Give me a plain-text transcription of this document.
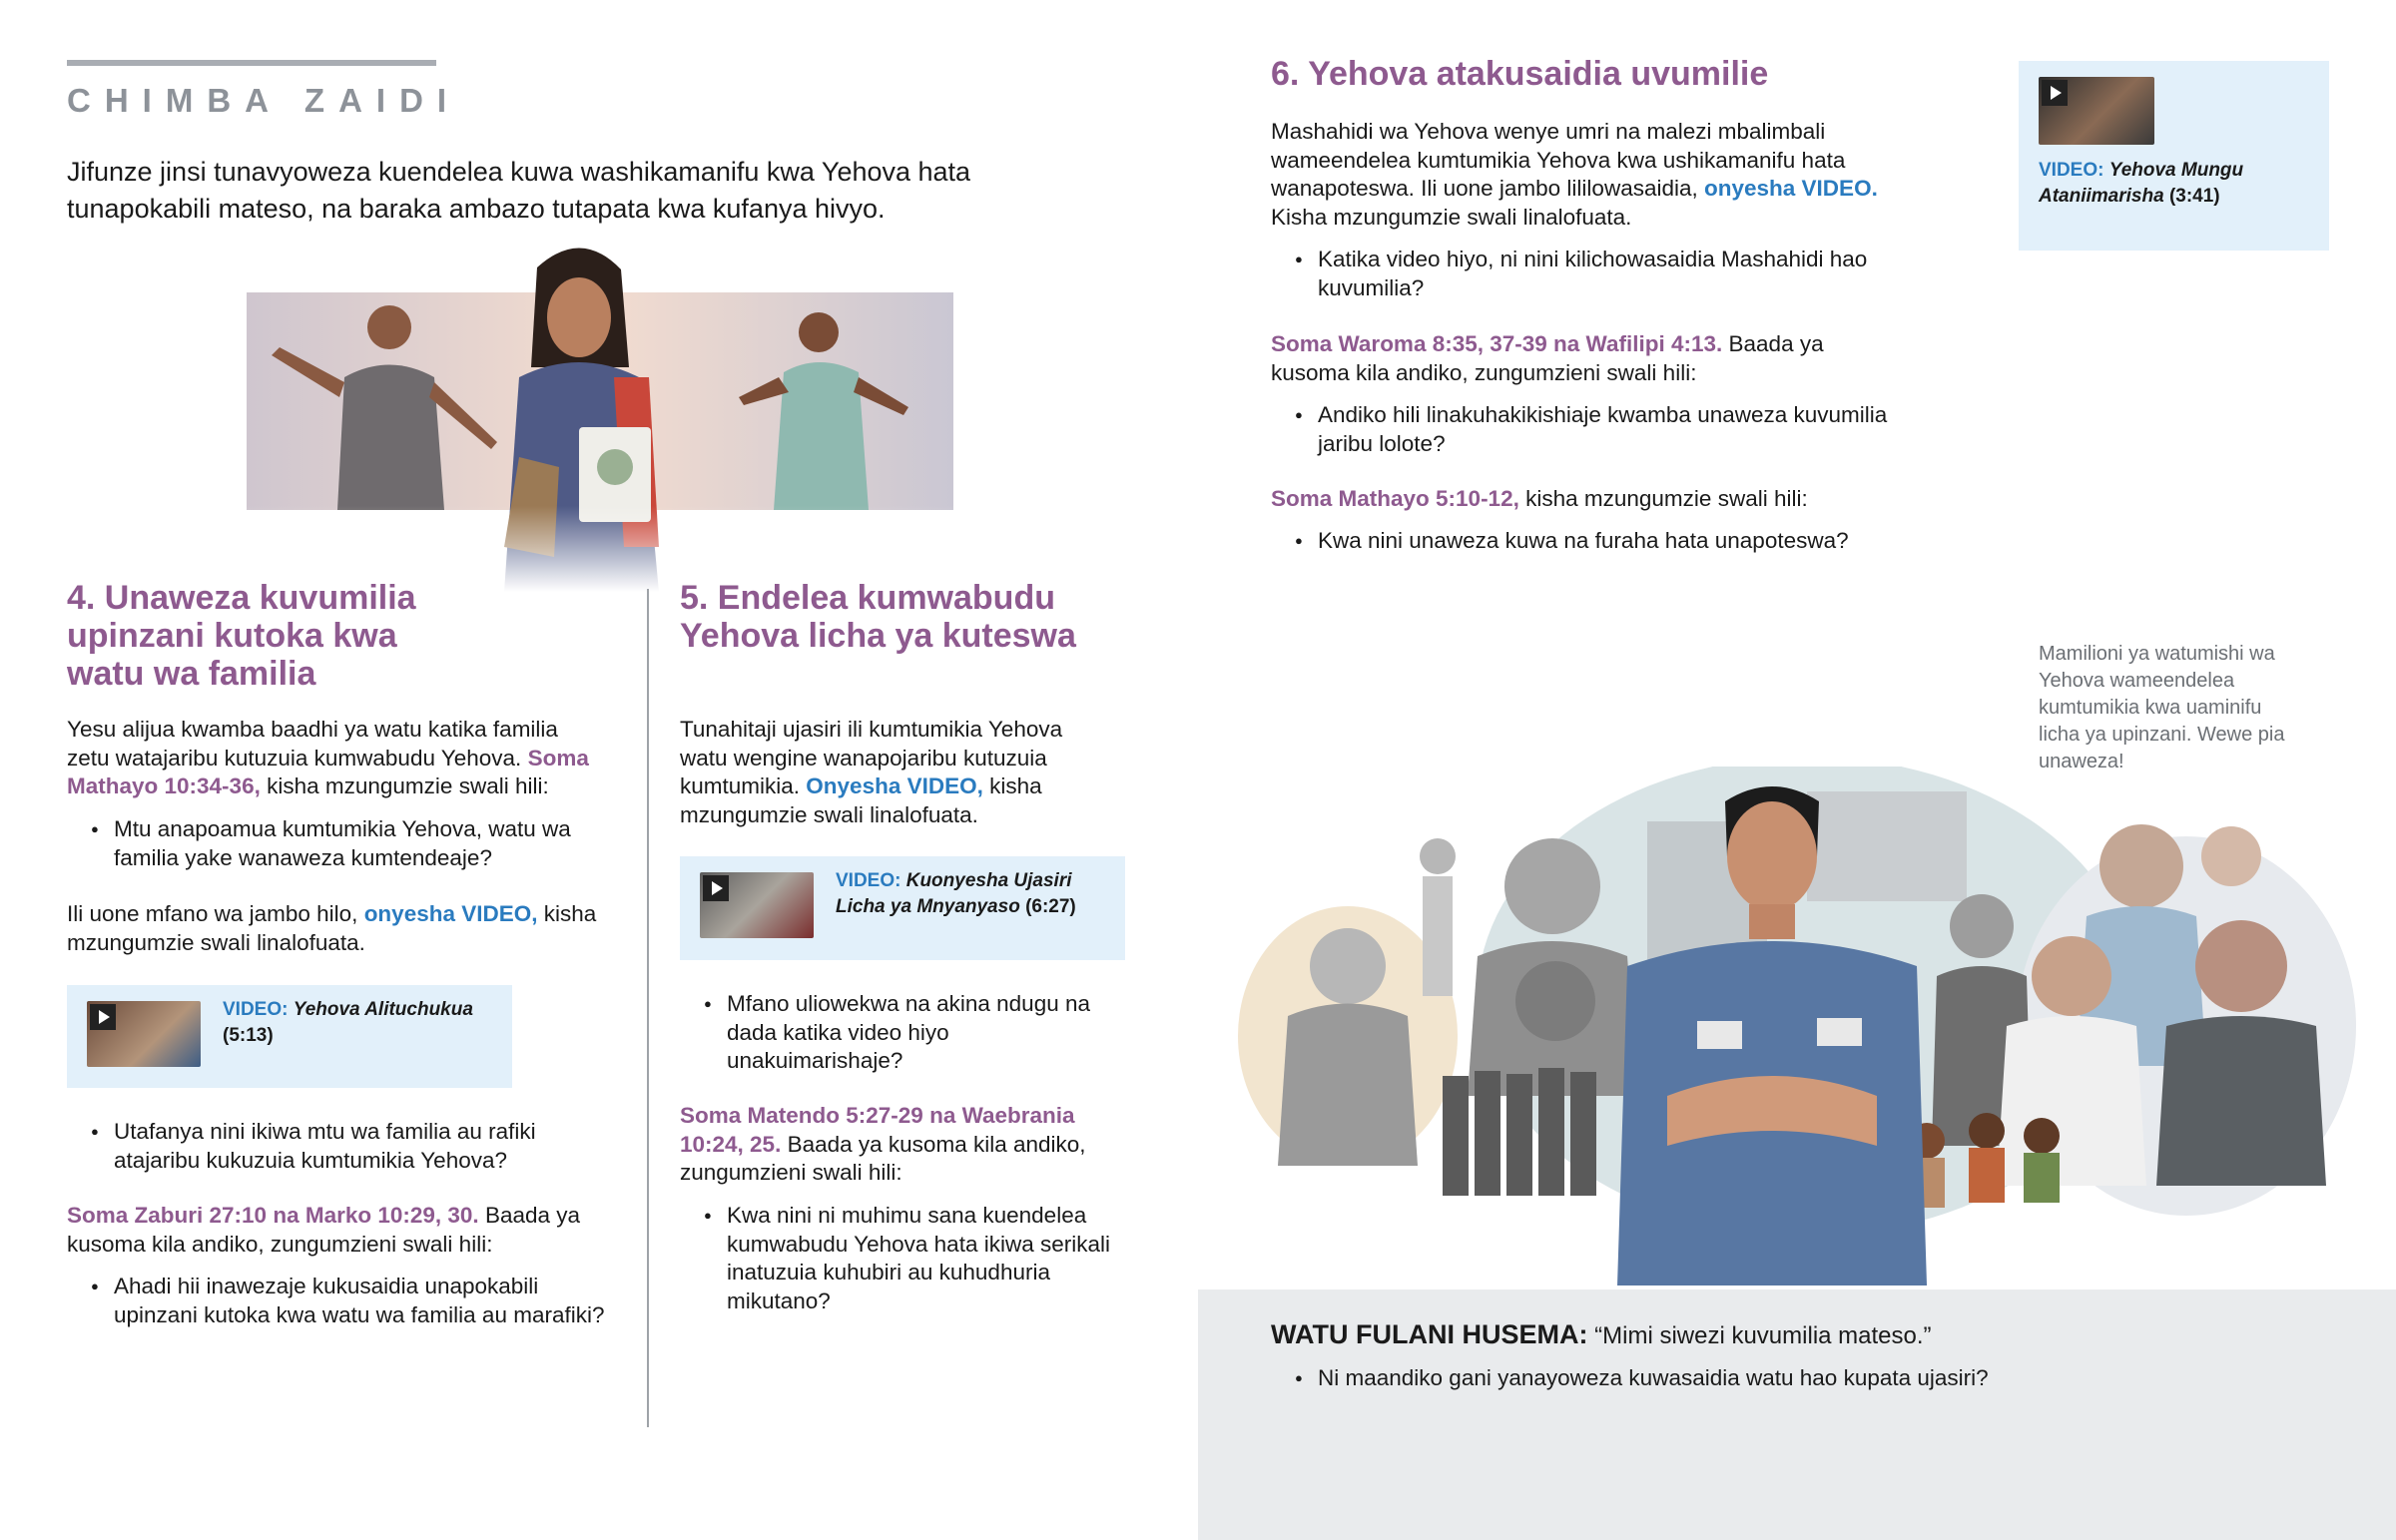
CHIMBA ZAIDI
Jifunze jinsi tunavyoweza kuendelea kuwa washikamanifu kwa Yehova hata tunapokabili mateso, na baraka ambazo tutapata kwa kufanya hivyo.
4. Unaweza kuvumilia upinzani kutoka kwa watu wa familia
Yesu alijua kwamba baadhi ya watu katika familia zetu watajaribu kutuzuia kumwabudu Yehova. Soma Mathayo 10:34-36, kisha mzungumzie swali hili:
● Mtu anapoamua kumtumikia Yehova, watu wa familia yake wanaweza kumtendeaje?
Ili uone mfano wa jambo hilo, onyesha VIDEO, kisha mzungumzie swali linalofuata.
VIDEO: Yehova Alituchukua (5:13)
● Utafanya nini ikiwa mtu wa familia au rafiki atajaribu kukuzuia kumtumikia Yehova?
Soma Zaburi 27:10 na Marko 10:29, 30. Baada ya kusoma kila andiko, zungumzieni swali hili:
● Ahadi hii inawezaje kukusaidia unapokabili upinzani kutoka kwa watu wa familia au marafiki?
5. Endelea kumwabudu Yehova licha ya kuteswa
Tunahitaji ujasiri ili kumtumikia Yehova watu wengine wanapojaribu kutuzuia kumtumikia. Onyesha VIDEO, kisha mzungumzie swali linalofuata.
VIDEO: Kuonyesha Ujasiri Licha ya Mnyanyaso (6:27)
● Mfano uliowekwa na akina ndugu na dada katika video hiyo unakuimarishaje?
Soma Matendo 5:27-29 na Waebrania 10:24, 25. Baada ya kusoma kila andiko, zungumzieni swali hili:
● Kwa nini ni muhimu sana kuendelea kumwabudu Yehova hata ikiwa serikali inatuzuia kuhubiri au kuhudhuria mikutano?
6. Yehova atakusaidia uvumilie
Mashahidi wa Yehova wenye umri na malezi mbalimbali wameendelea kumtumikia Yehova kwa ushikamanifu hata wanapoteswa. Ili uone jambo lililowasaidia, onyesha VIDEO. Kisha mzungumzie swali linalofuata.
● Katika video hiyo, ni nini kilichowasaidia Mashahidi hao kuvumilia?
Soma Waroma 8:35, 37-39 na Wafilipi 4:13. Baada ya kusoma kila andiko, zungumzieni swali hili:
● Andiko hili linakuhakikishiaje kwamba unaweza kuvumilia jaribu lolote?
Soma Mathayo 5:10-12, kisha mzungumzie swali hili:
● Kwa nini unaweza kuwa na furaha hata unapoteswa?
VIDEO: Yehova Mungu Ataniimarisha (3:41)
Mamilioni ya watumishi wa Yehova wameendelea kumtumikia kwa uaminifu licha ya upinzani. Wewe pia unaweza!
WATU FULANI HUSEMA: “Mimi siwezi kuvumilia mateso.”
● Ni maandiko gani yanayoweza kuwasaidia watu hao kupata ujasiri?
